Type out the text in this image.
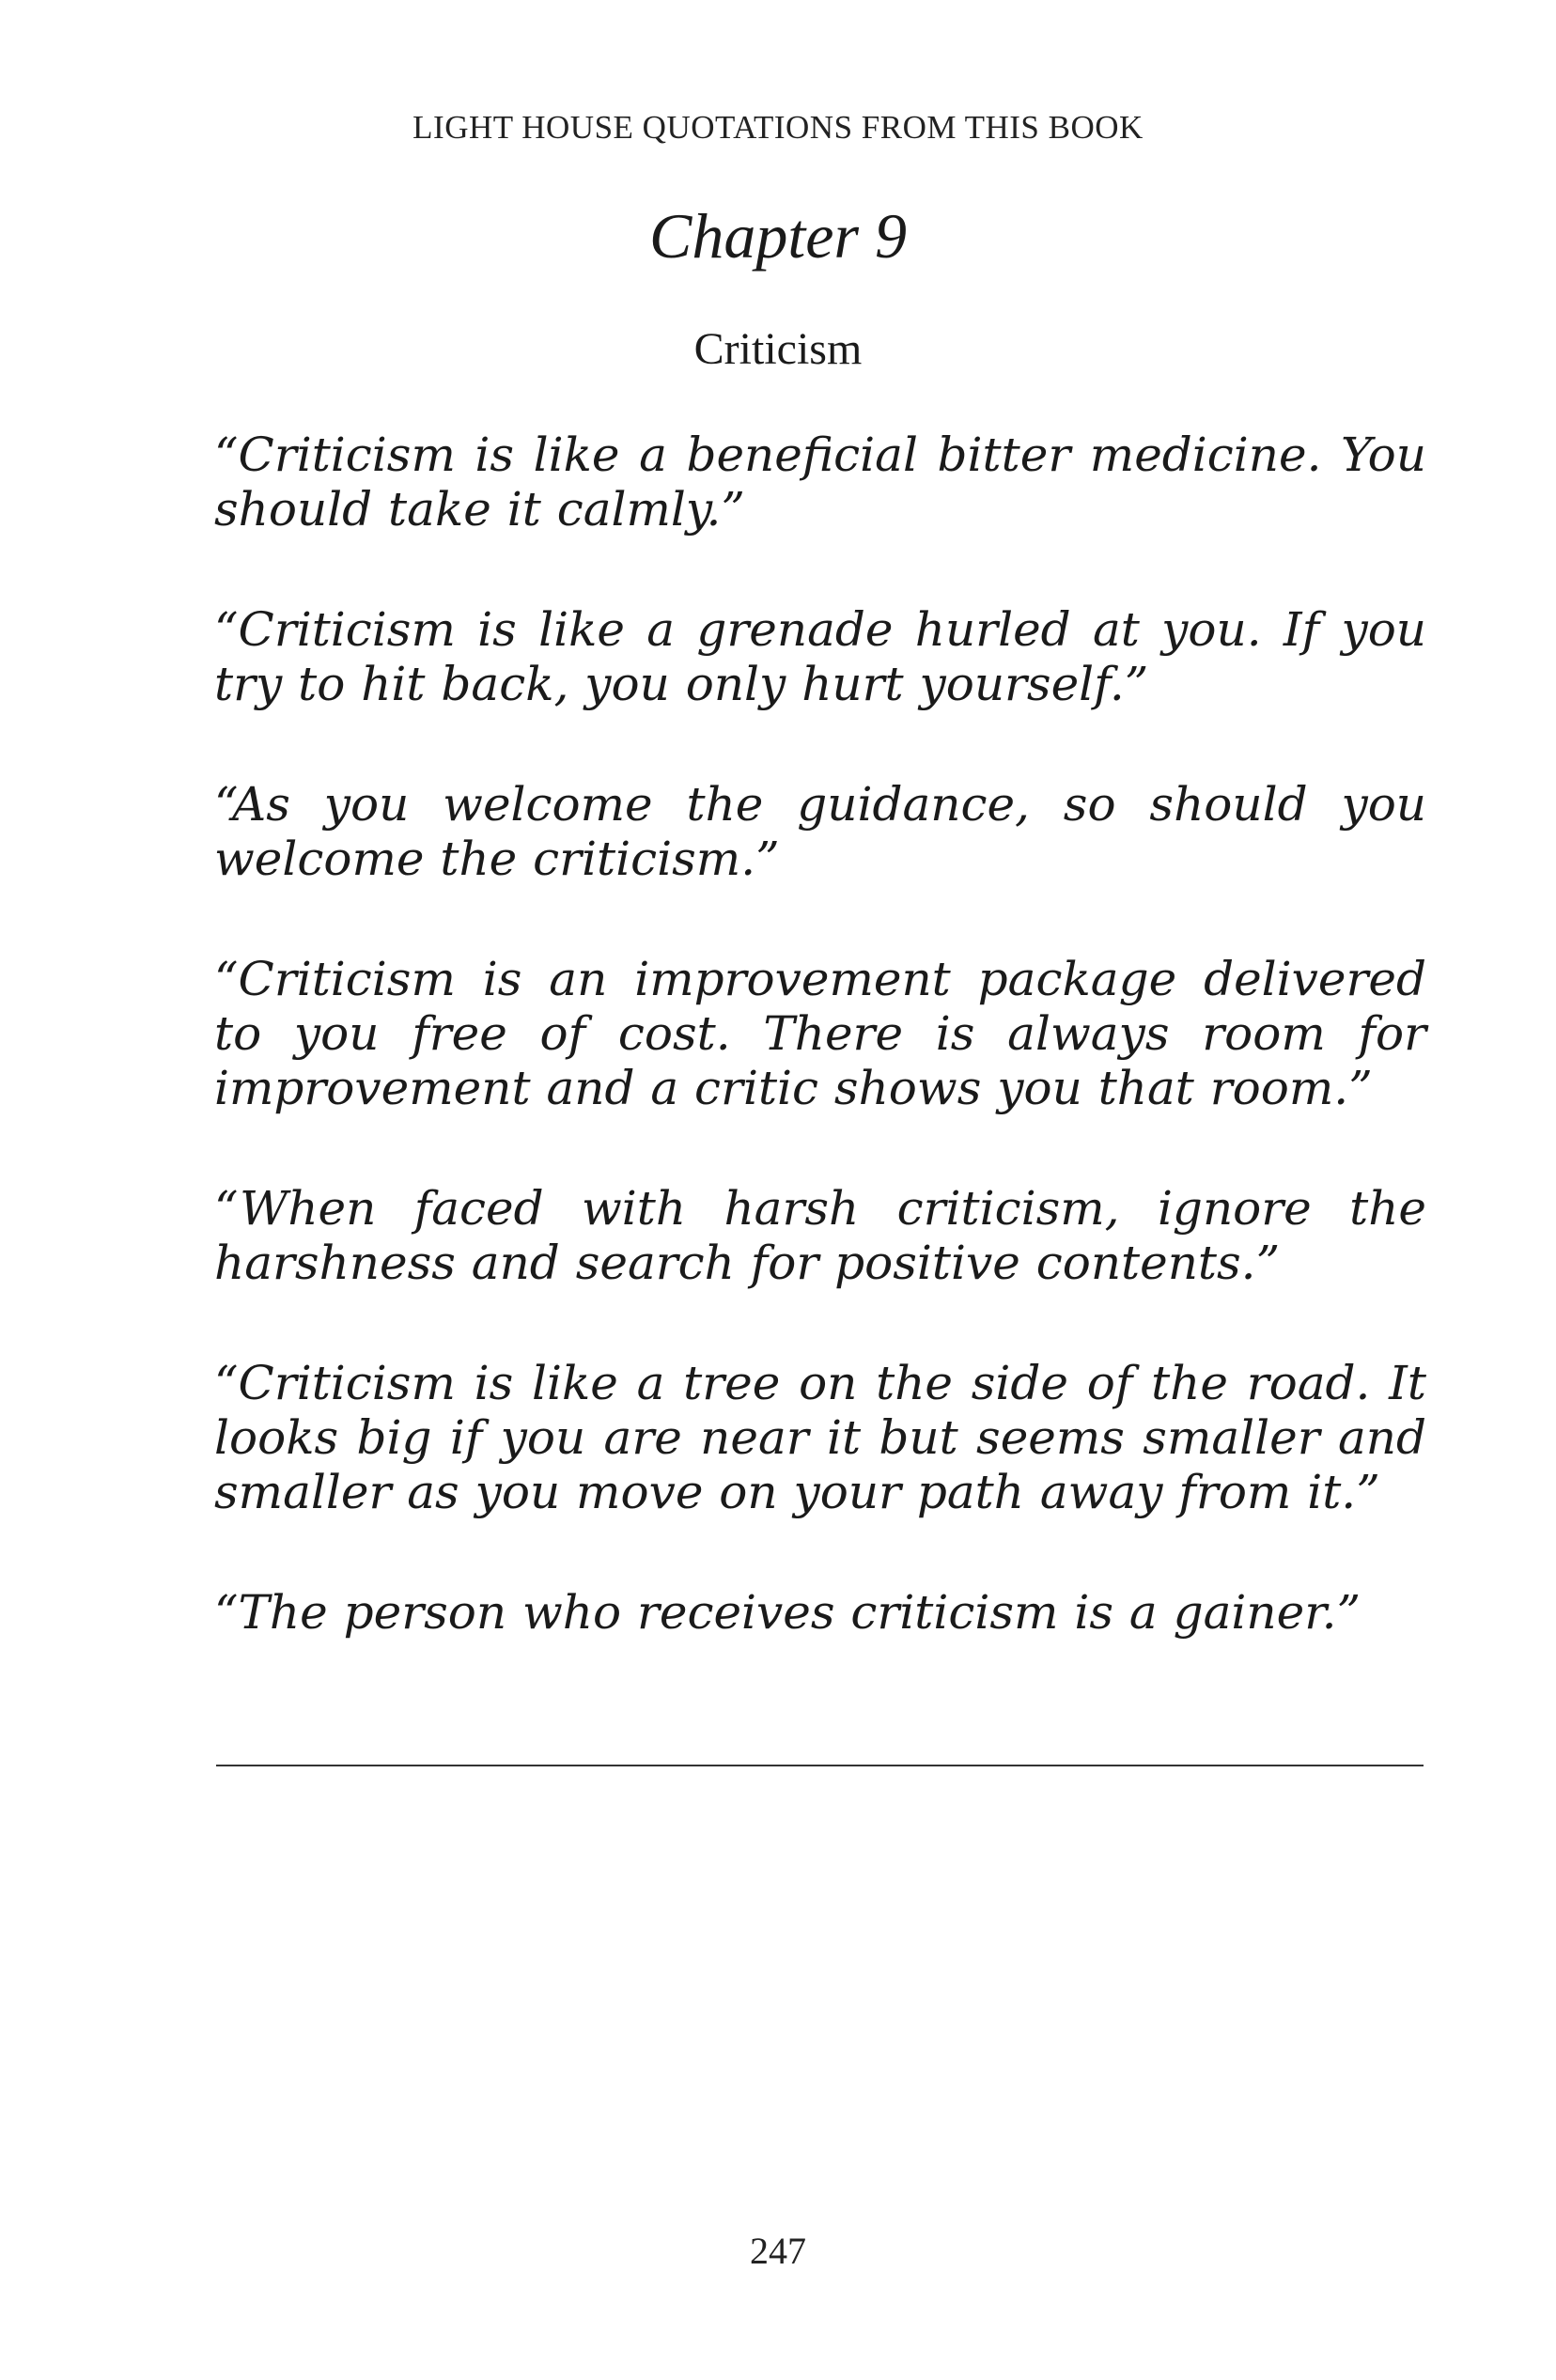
LIGHT HOUSE QUOTATIONS FROM THIS BOOK

Chapter 9
Criticism
“Criticism is like a beneficial bitter medicine. You should take it calmly.”
“Criticism is like a grenade hurled at you. If you try to hit back, you only hurt yourself.”
“As you welcome the guidance, so should you welcome the criticism.”
“Criticism is an improvement package delivered to you free of cost. There is always room for improvement and a critic shows you that room.”
“When faced with harsh criticism, ignore the harshness and search for positive contents.”
“Criticism is like a tree on the side of the road. It looks big if you are near it but seems smaller and smaller as you move on your path away from it.”
“The person who receives criticism is a gainer.”

247
